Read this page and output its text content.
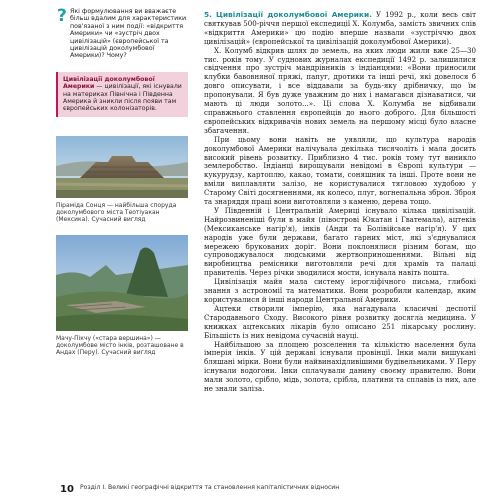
? Які формулювання ви вважаєте більш вдалим для характеристики пов'язаної з ним події: «відкриття Америки» чи «зустріч двох цивілізацій» (європейської та цивілізацій доколумбової Америки)? Чому?

Цивілізації доколумбової Америки — цивілізації, які існували на материках Північна і Південна Америка й зникли після появи там європейських колонізаторів.

Піраміда Сонця — найбільша споруда доколумбового міста Теотіуакан (Мексика). Сучасний вигляд
Мачу-Пікчу («стара вершина») — доколумбове місто інків, розташоване в Андах (Перу). Сучасний вигляд

5. Цивілізації доколумбової Америки. У 1992 р., коли весь світ святкував 500-річчя першої експедиції Х. Колумба, замість звичних слів «відкриття Америки» цю подію вперше назвали «зустріччю двох цивілізацій» (європейської та цивілізацій доколумбової Америки).

Х. Колумб відкрив шлях до земель, на яких люди жили вже 25—30 тис. років тому. У суднових журналах експедиції 1492 р. залишилися свідчення про зустріч мандрівників з індіанцями: «Вони приносили клубки бавовняної пряжі, папуг, дротики та інші речі, які довелося б довго описувати, і все віддавали за будь-яку дрібничку, що їм пропонували. Я був дуже уважним до них і намагався дізнаватися, чи мають ці люди золото...». Ці слова Х. Колумба не відбивали справжнього ставлення європейців до нього доброго. Для більшості європейських відкривачів нових земель на першому місці було власне збагачення.

При цьому вони навіть не уявляли, що культура народів доколумбової Америки налічувала декілька тисячоліть і мала досить високий рівень розвитку. Приблизно 4 тис. років тому тут виникло землеробство. Індіанці вирощували невідомі в Європі культури — кукурудзу, картоплю, какао, томати, соняшник та інші. Проте вони не вміли виплавляти залізо, не користувалися тягловою худобою у Старому Світі досягненнями, як колесо, плуг, вогнепальна зброя. Зброя та знаряддя праці вони виготовляли з каменю, дерева тощо.

У Південній і Центральній Америці існувало кілька цивілізацій. Найрозвиненіші були в майя (півострові Юкатан і Гватемала), ацтеків (Мексиканське нагір'я), інків (Анди та Болівійське нагір'я). У цих народів уже були держави, багато гарних міст, які з'єднувалися мережею брукованих доріг. Вони поклонялися різним богам, що супроводжувалося людськими жертвоприношеннями. Вільні від виробництва ремісники виготовляли речі для храмів та палаці правителів. Через річки зводилися мости, існувала навіть пошта.

Цивілізація майя мала систему ієрогліфічного письма, глибокі знання з астрономії та математики. Вони розробили календар, яким користувалися й інші народи Центральної Америки.

Ацтеки створили імперію, яка нагадувала класичні деспотії Стародавнього Сходу. Високого рівня розвитку досягла медицина. У книжках ацтекських лікарів було описано 251 лікарську рослину. Більшість із них невідома сучасній науці.

Найбільшою за площею розселення та кількістю населення була імперія інків. У цій державі існували провінції. Інки мали вишукані бляшані мірки. Вони були найвинахідливішими будівельниками. У Перу існували водогони. Інки сплачували данину своєму правителю. Вони мали золото, срібло, мідь, золота, срібла, платини та сплавів із них, але не знали заліза.

10 Розділ І. Великі географічні відкриття та становлення капіталістичних відносин
